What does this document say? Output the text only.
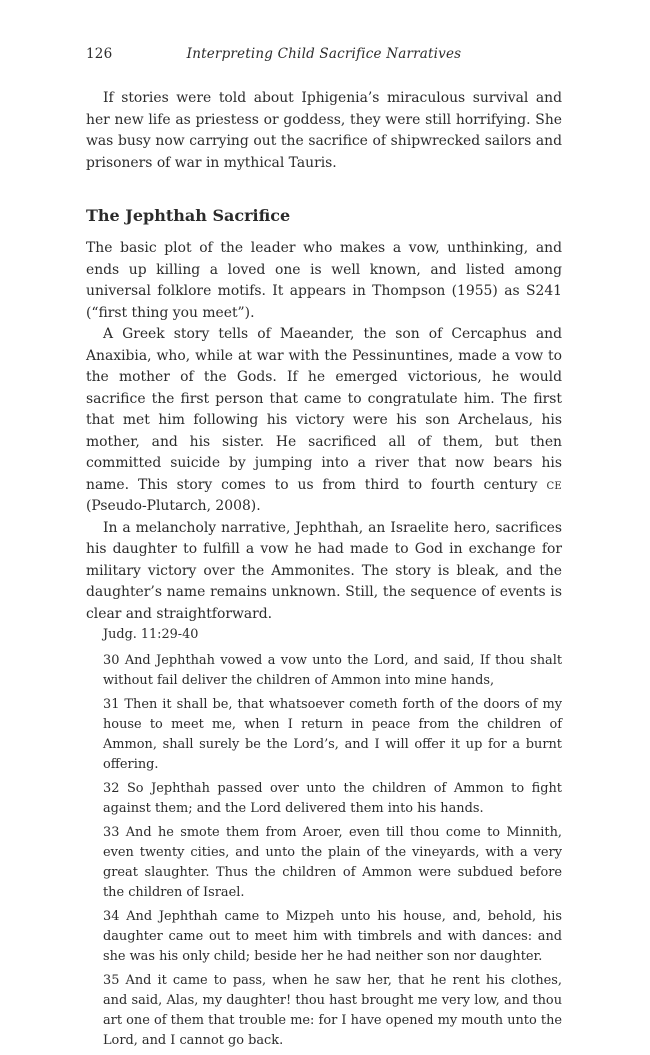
126	Interpreting Child Sacrifice Narratives

If stories were told about Iphigenia’s miraculous survival and her new life as priestess or goddess, they were still horrifying. She was busy now carrying out the sacrifice of shipwrecked sailors and prisoners of war in mythical Tauris.

The Jephthah Sacrifice

The basic plot of the leader who makes a vow, unthinking, and ends up killing a loved one is well known, and listed among universal folklore motifs. It appears in Thompson (1955) as S241 (“first thing you meet”).

A Greek story tells of Maeander, the son of Cercaphus and Anaxibia, who, while at war with the Pessinuntines, made a vow to the mother of the Gods. If he emerged victorious, he would sacrifice the first person that came to congratulate him. The first that met him following his victory were his son Archelaus, his mother, and his sister. He sacrificed all of them, but then committed suicide by jumping into a river that now bears his name. This story comes to us from third to fourth century ce (Pseudo-Plutarch, 2008).

In a melancholy narrative, Jephthah, an Israelite hero, sacrifices his daughter to fulfill a vow he had made to God in exchange for military victory over the Ammonites. The story is bleak, and the daughter’s name remains unknown. Still, the sequence of events is clear and straightforward.

Judg. 11:29-40

30 And Jephthah vowed a vow unto the Lord, and said, If thou shalt without fail deliver the children of Ammon into mine hands,

31 Then it shall be, that whatsoever cometh forth of the doors of my house to meet me, when I return in peace from the children of Ammon, shall surely be the Lord’s, and I will offer it up for a burnt offering.

32 So Jephthah passed over unto the children of Ammon to fight against them; and the Lord delivered them into his hands.

33 And he smote them from Aroer, even till thou come to Minnith, even twenty cities, and unto the plain of the vineyards, with a very great slaughter. Thus the children of Ammon were subdued before the children of Israel.

34 And Jephthah came to Mizpeh unto his house, and, behold, his daughter came out to meet him with timbrels and with dances: and she was his only child; beside her he had neither son nor daughter.

35 And it came to pass, when he saw her, that he rent his clothes, and said, Alas, my daughter! thou hast brought me very low, and thou art one of them that trouble me: for I have opened my mouth unto the Lord, and I cannot go back.
